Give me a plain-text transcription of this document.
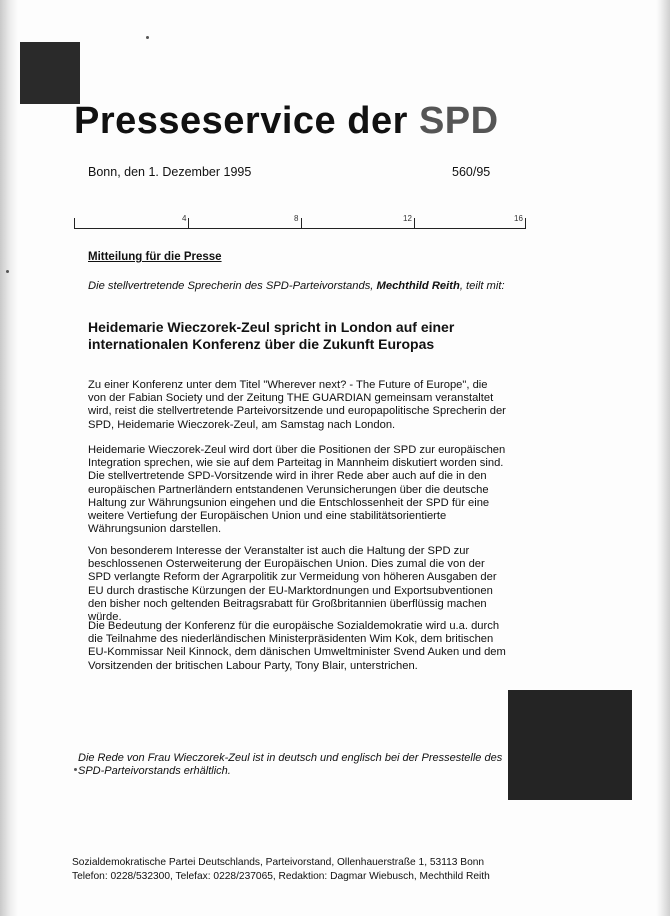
Presseservice der SPD
Bonn, den 1. Dezember 1995	560/95
4	8	12	16
Mitteilung für die Presse
Die stellvertretende Sprecherin des SPD-Parteivorstands, Mechthild Reith, teilt mit:
Heidemarie Wieczorek-Zeul spricht in London auf einer internationalen Konferenz über die Zukunft Europas
Zu einer Konferenz unter dem Titel "Wherever next? - The Future of Europe", die von der Fabian Society und der Zeitung THE GUARDIAN gemeinsam veranstaltet wird, reist die stellvertretende Parteivorsitzende und europapolitische Sprecherin der SPD, Heidemarie Wieczorek-Zeul, am Samstag nach London.
Heidemarie Wieczorek-Zeul wird dort über die Positionen der SPD zur europäischen Integration sprechen, wie sie auf dem Parteitag in Mannheim diskutiert worden sind. Die stellvertretende SPD-Vorsitzende wird in ihrer Rede aber auch auf die in den europäischen Partnerländern entstandenen Verunsicherungen über die deutsche Haltung zur Währungsunion eingehen und die Entschlossenheit der SPD für eine weitere Vertiefung der Europäischen Union und eine stabilitätsorientierte Währungsunion darstellen.
Von besonderem Interesse der Veranstalter ist auch die Haltung der SPD zur beschlossenen Osterweiterung der Europäischen Union. Dies zumal die von der SPD verlangte Reform der Agrarpolitik zur Vermeidung von höheren Ausgaben der EU durch drastische Kürzungen der EU-Marktordnungen und Exportsubventionen den bisher noch geltenden Beitragsrabatt für Großbritannien überflüssig machen würde.
Die Bedeutung der Konferenz für die europäische Sozialdemokratie wird u.a. durch die Teilnahme des niederländischen Ministerpräsidenten Wim Kok, dem britischen EU-Kommissar Neil Kinnock, dem dänischen Umweltminister Svend Auken und dem Vorsitzenden der britischen Labour Party, Tony Blair, unterstrichen.
Die Rede von Frau Wieczorek-Zeul ist in deutsch und englisch bei der Pressestelle des SPD-Parteivorstands erhältlich.
Sozialdemokratische Partei Deutschlands, Parteivorstand, Ollenhauerstraße 1, 53113 Bonn
Telefon: 0228/532300, Telefax: 0228/237065, Redaktion: Dagmar Wiebusch, Mechthild Reith
